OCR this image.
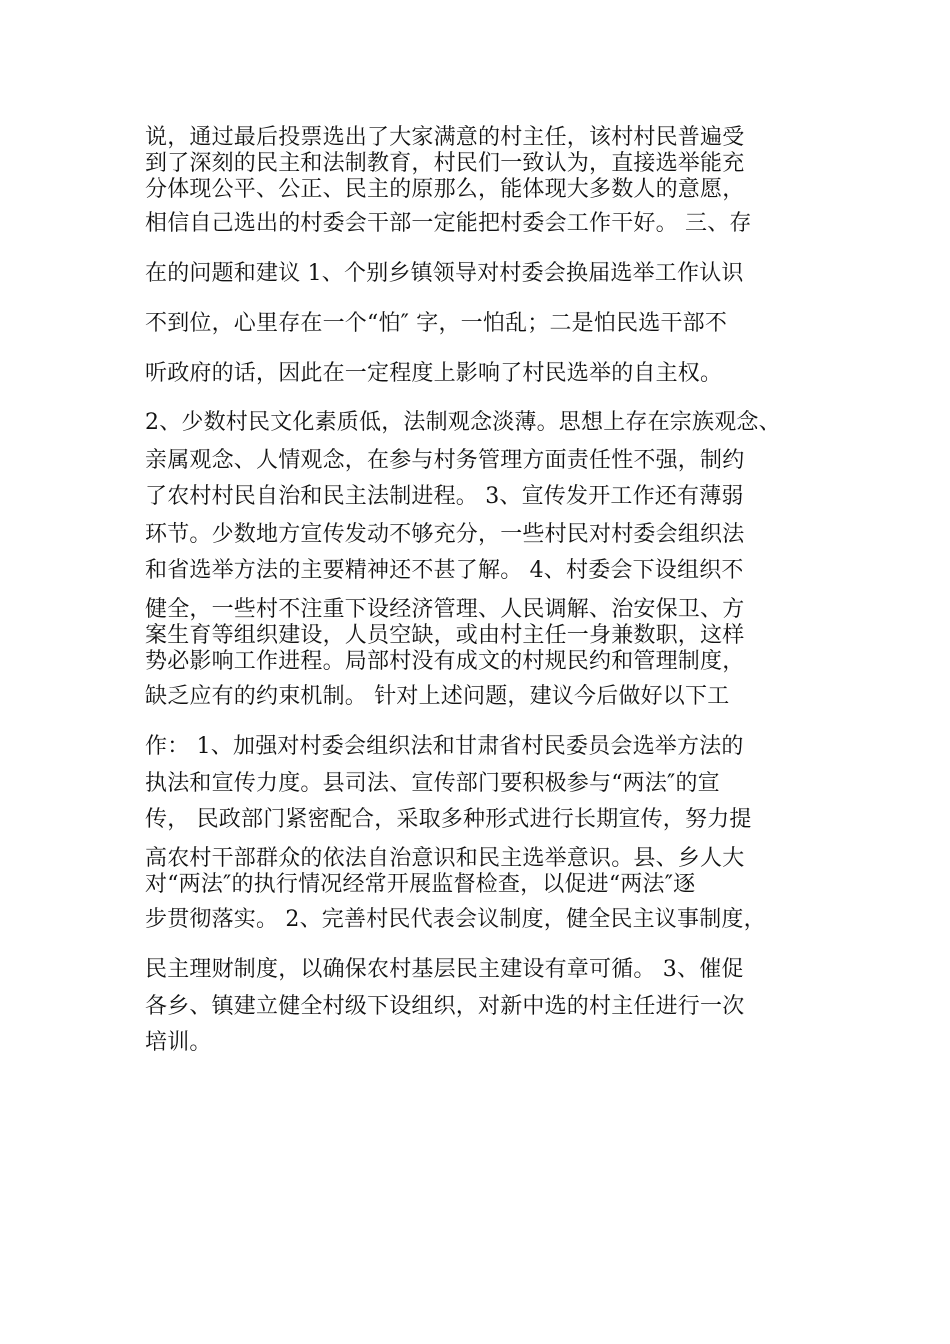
说，通过最后投票选出了大家满意的村主任，该村村民普遍受

到了深刻的民主和法制教育，村民们一致认为，直接选举能充

分体现公平、公正、民主的原那么，能体现大多数人的意愿，

相信自己选出的村委会干部一定能把村委会工作干好。 三、存

在的问题和建议 1、个别乡镇领导对村委会换届选举工作认识

不到位，心里存在一个“怕″ 字，一怕乱；二是怕民选干部不

听政府的话，因此在一定程度上影响了村民选举的自主权。

2、少数村民文化素质低，法制观念淡薄。思想上存在宗族观念、

亲属观念、人情观念，在参与村务管理方面责任性不强，制约

了农村村民自治和民主法制进程。 3、宣传发开工作还有薄弱

环节。少数地方宣传发动不够充分，一些村民对村委会组织法

和省选举方法的主要精神还不甚了解。 4、村委会下设组织不

健全，一些村不注重下设经济管理、人民调解、治安保卫、方

案生育等组织建设，人员空缺，或由村主任一身兼数职，这样

势必影响工作进程。局部村没有成文的村规民约和管理制度，

缺乏应有的约束机制。 针对上述问题，建议今后做好以下工

作： 1、加强对村委会组织法和甘肃省村民委员会选举方法的

执法和宣传力度。县司法、宣传部门要积极参与“两法″的宣

传， 民政部门紧密配合，采取多种形式进行长期宣传，努力提

高农村干部群众的依法自治意识和民主选举意识。县、乡人大

对“两法″的执行情况经常开展监督检查，以促进“两法″逐

步贯彻落实。 2、完善村民代表会议制度，健全民主议事制度，

民主理财制度，以确保农村基层民主建设有章可循。 3、催促

各乡、镇建立健全村级下设组织，对新中选的村主任进行一次

培训。
